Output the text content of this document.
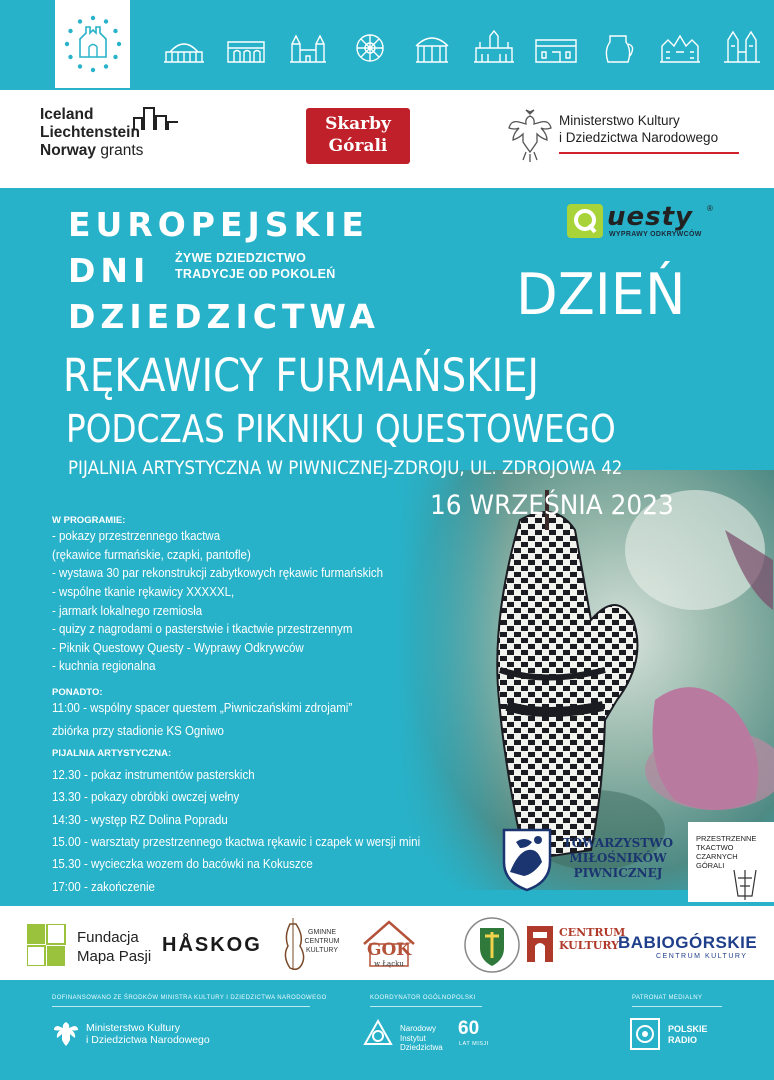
Iceland
Liechtenstein
Norway grants
Skarby
Górali
Ministerstwo Kultury
i Dziedzictwa Narodowego
EUROPEJSKIE
DNI
DZIEDZICTWA
ŻYWE DZIEDZICTWO
TRADYCJE OD POKOLEŃ
uesty
WYPRAWY ODKRYWCÓW
®
DZIEŃ
RĘKAWICY FURMAŃSKIEJ
PODCZAS PIKNIKU QUESTOWEGO
PIJALNIA ARTYSTYCZNA W PIWNICZNEJ-ZDROJU, UL. ZDROJOWA 42
16 WRZEŚNIA 2023
W PROGRAMIE:
- pokazy przestrzennego tkactwa
(rękawice furmańskie, czapki, pantofle)
- wystawa 30 par rekonstrukcji zabytkowych rękawic furmańskich
- wspólne tkanie rękawicy XXXXXL,
- jarmark lokalnego rzemiosła
- quizy z nagrodami o pasterstwie i tkactwie przestrzennym
- Piknik Questowy Questy - Wyprawy Odkrywców
- kuchnia regionalna
PONADTO:
11:00 - wspólny spacer questem „Piwniczańskimi zdrojami”
zbiórka przy stadionie KS Ogniwo
PIJALNIA ARTYSTYCZNA:
12.30 - pokaz instrumentów pasterskich
13.30 - pokazy obróbki owczej wełny
14:30 - występ RZ Dolina Popradu
15.00 - warsztaty przestrzennego tkactwa rękawic i czapek w wersji mini
15.30 - wycieczka wozem do bacówki na Kokuszce
17:00 - zakończenie
TOWARZYSTWO
MIŁOŚNIKÓW
PIWNICZNEJ
PRZESTRZENNE
TKACTWO
CZARNYCH
GÓRALI
Fundacja
Mapa Pasji
HÅSKOG
GMINNE CENTRUM KULTURY	GOK
w Łącku
CENTRUM
KULTURY
BABIOGÓRSKIE
CENTRUM KULTURY
DOFINANSOWANO ZE ŚRODKÓW MINISTRA KULTURY I DZIEDZICTWA NARODOWEGO	KOORDYNATOR OGÓLNOPOLSKI	PATRONAT MEDIALNY
Ministerstwo Kultury
i Dziedzictwa Narodowego
Narodowy
Instytut
Dziedzictwa
60
LAT MISJI
POLSKIE
RADIO
